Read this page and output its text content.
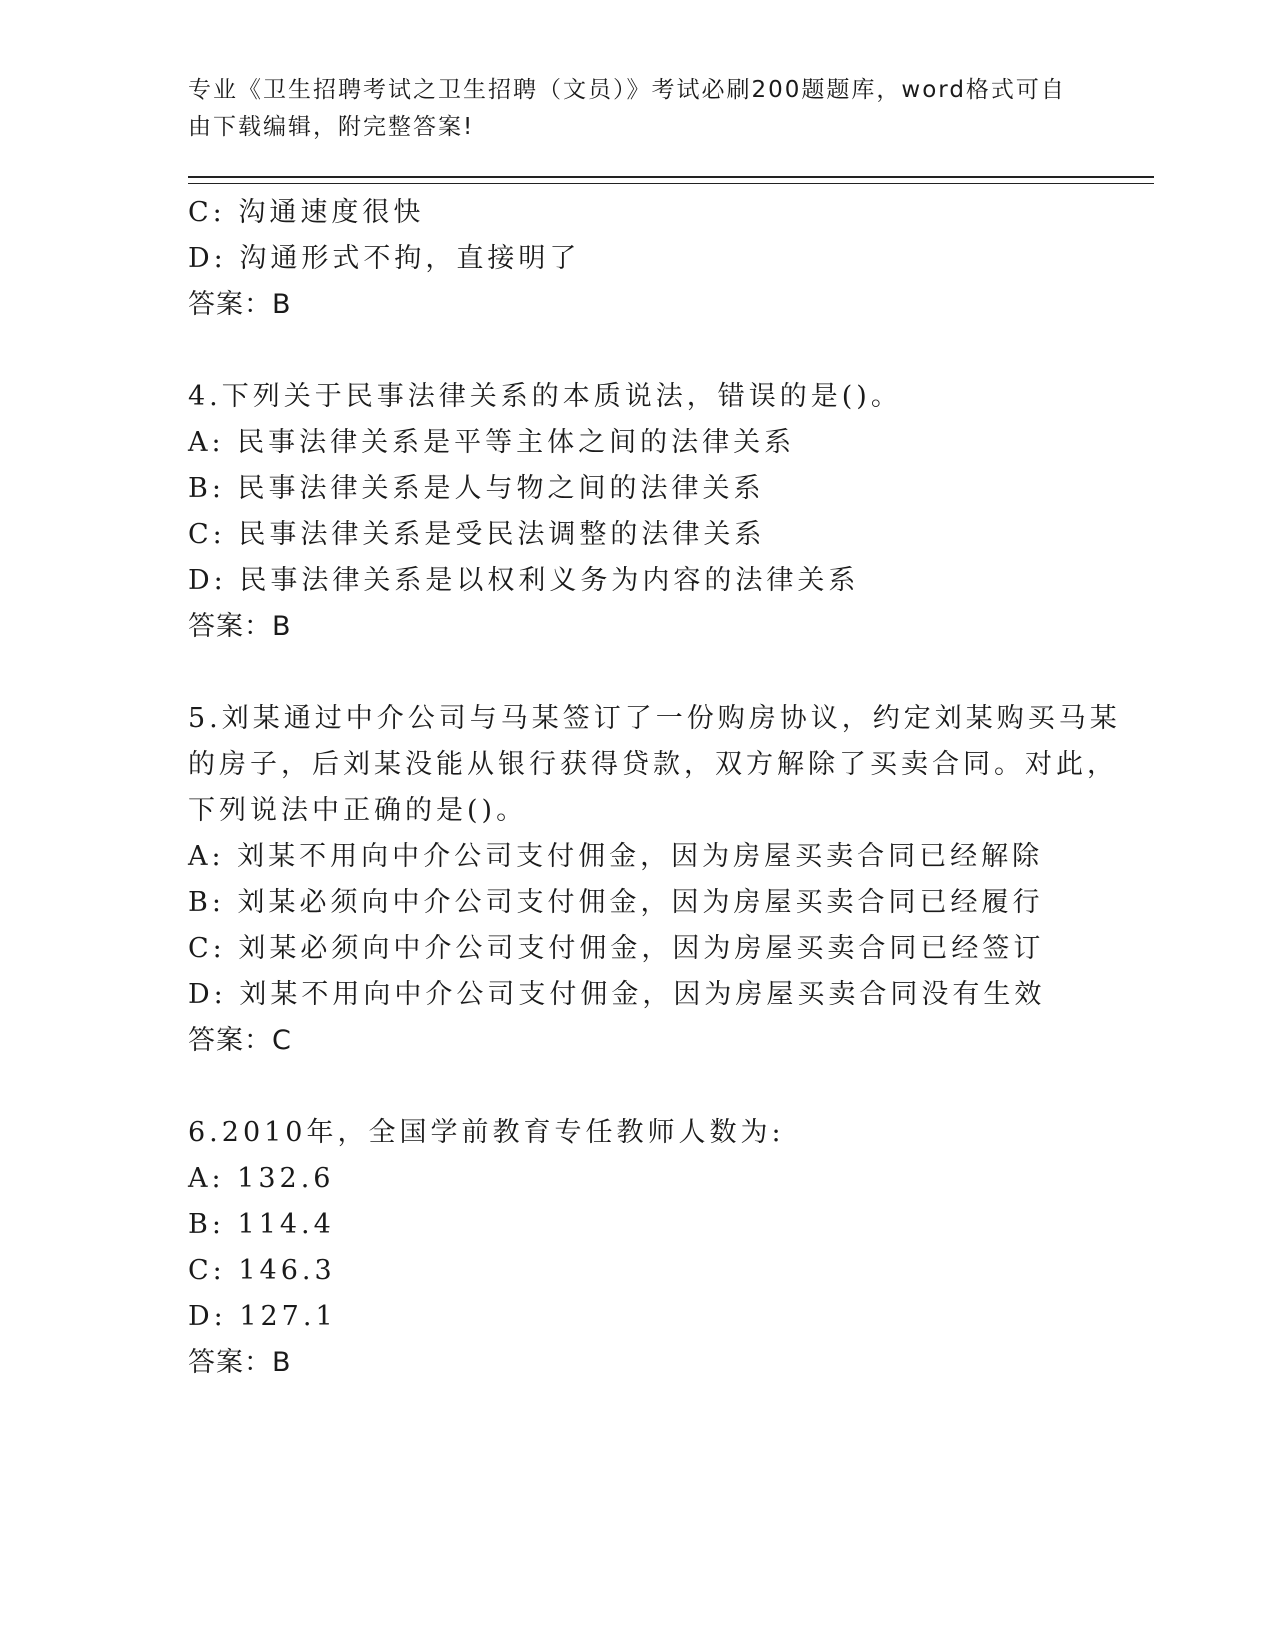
专业《卫生招聘考试之卫生招聘（文员）》考试必刷200题题库，word格式可自
由下载编辑，附完整答案!
C: 沟通速度很快
D: 沟通形式不拘，直接明了
答案：B
4.下列关于民事法律关系的本质说法，错误的是()。
A: 民事法律关系是平等主体之间的法律关系
B: 民事法律关系是人与物之间的法律关系
C: 民事法律关系是受民法调整的法律关系
D: 民事法律关系是以权利义务为内容的法律关系
答案：B
5.刘某通过中介公司与马某签订了一份购房协议，约定刘某购买马某
的房子，后刘某没能从银行获得贷款，双方解除了买卖合同。对此，
下列说法中正确的是()。
A: 刘某不用向中介公司支付佣金，因为房屋买卖合同已经解除
B: 刘某必须向中介公司支付佣金，因为房屋买卖合同已经履行
C: 刘某必须向中介公司支付佣金，因为房屋买卖合同已经签订
D: 刘某不用向中介公司支付佣金，因为房屋买卖合同没有生效
答案：C
6.2010年，全国学前教育专任教师人数为:
A: 132.6
B: 114.4
C: 146.3
D: 127.1
答案：B
